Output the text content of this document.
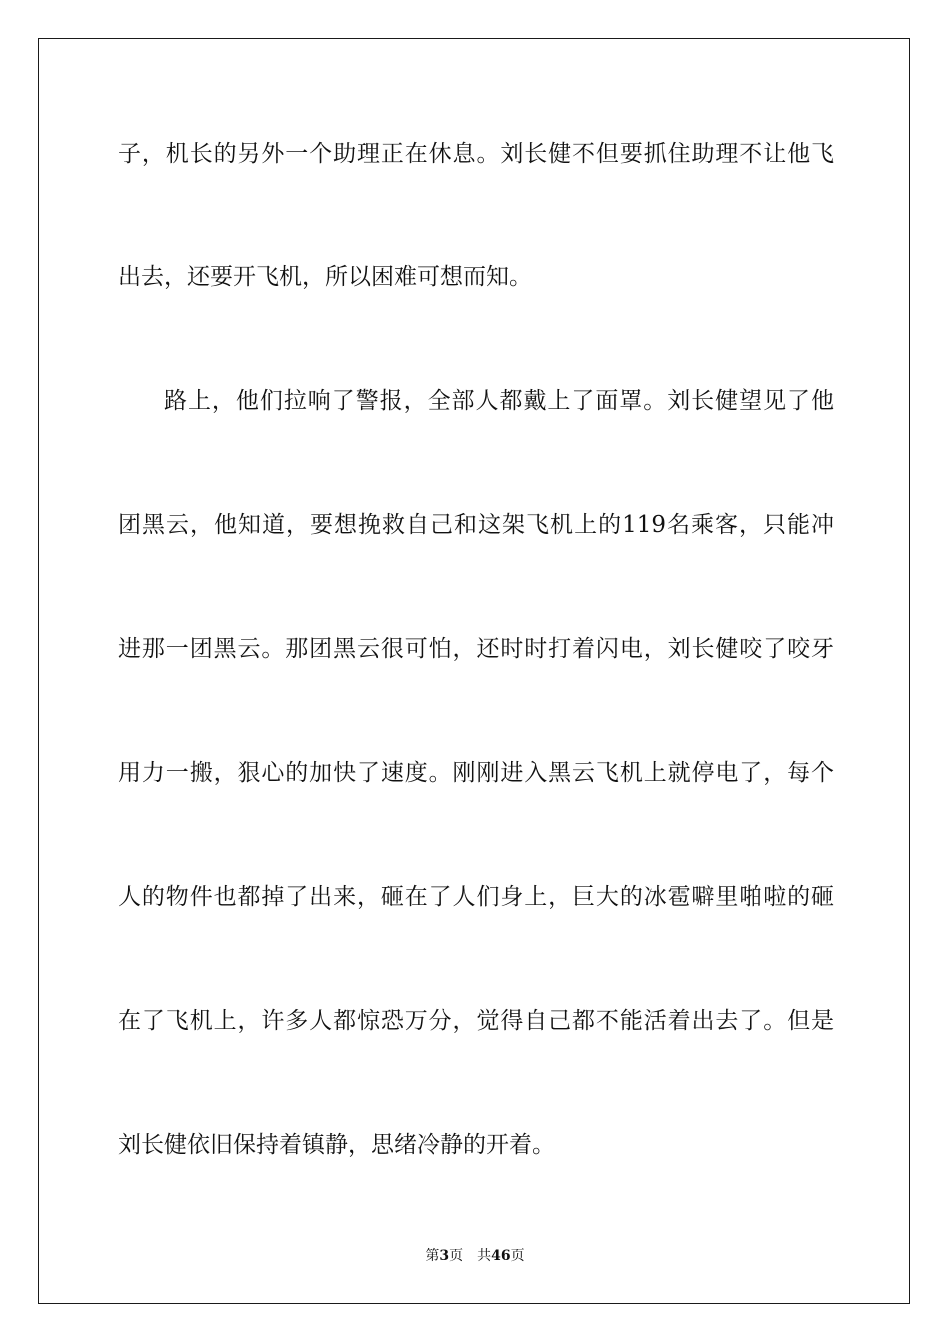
子，机长的另外一个助理正在休息。刘长健不但要抓住助理不让他飞
出去，还要开飞机，所以困难可想而知。
路上，他们拉响了警报，全部人都戴上了面罩。刘长健望见了他
团黑云，他知道，要想挽救自己和这架飞机上的119名乘客，只能冲
进那一团黑云。那团黑云很可怕，还时时打着闪电，刘长健咬了咬牙
用力一搬，狠心的加快了速度。刚刚进入黑云飞机上就停电了，每个
人的物件也都掉了出来，砸在了人们身上，巨大的冰雹噼里啪啦的砸
在了飞机上，许多人都惊恐万分，觉得自己都不能活着出去了。但是
刘长健依旧保持着镇静，思绪冷静的开着。
第3页 共46页
